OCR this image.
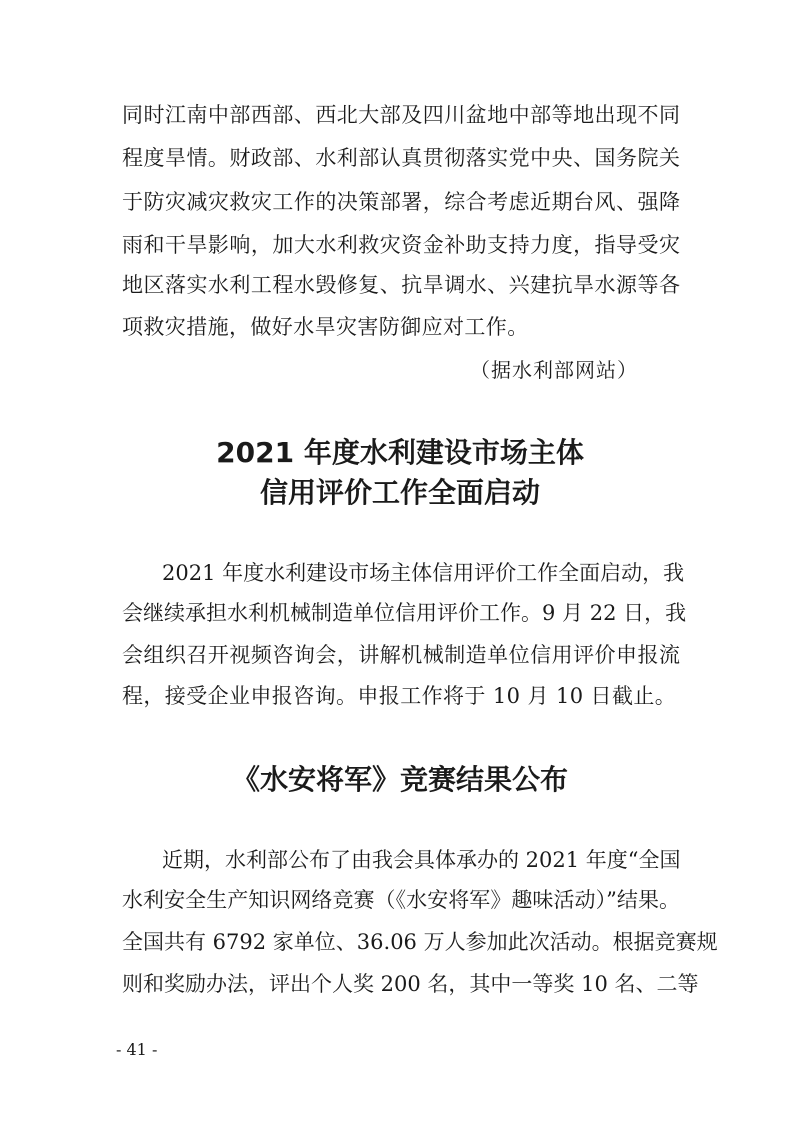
同时江南中部西部、西北大部及四川盆地中部等地出现不同
程度旱情。财政部、水利部认真贯彻落实党中央、国务院关
于防灾减灾救灾工作的决策部署，综合考虑近期台风、强降
雨和干旱影响，加大水利救灾资金补助支持力度，指导受灾
地区落实水利工程水毁修复、抗旱调水、兴建抗旱水源等各
项救灾措施，做好水旱灾害防御应对工作。
（据水利部网站）
2021 年度水利建设市场主体
信用评价工作全面启动
2021 年度水利建设市场主体信用评价工作全面启动，我
会继续承担水利机械制造单位信用评价工作。9 月 22 日，我
会组织召开视频咨询会，讲解机械制造单位信用评价申报流
程，接受企业申报咨询。申报工作将于 10 月 10 日截止。
《水安将军》竞赛结果公布
近期，水利部公布了由我会具体承办的 2021 年度“全国
水利安全生产知识网络竞赛（《水安将军》趣味活动）”结果。
全国共有 6792 家单位、36.06 万人参加此次活动。根据竞赛规
则和奖励办法，评出个人奖 200 名，其中一等奖 10 名、二等
- 41 -
